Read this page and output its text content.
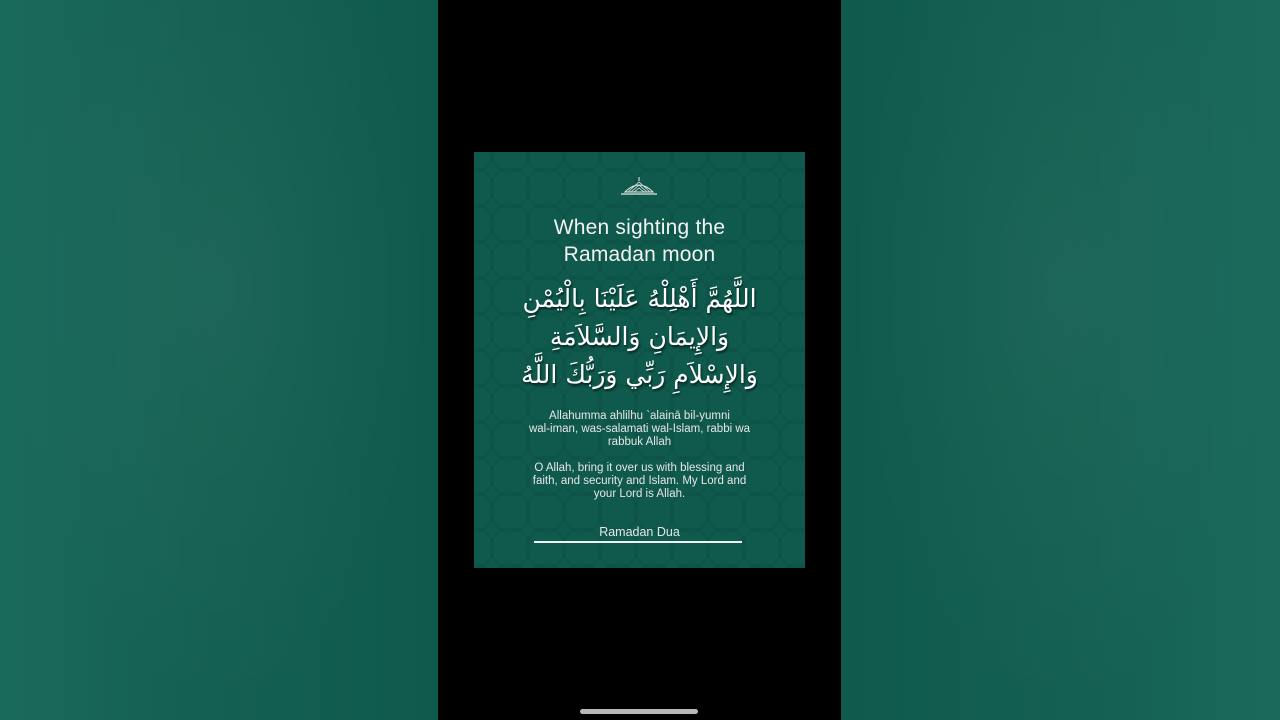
When sighting the
Ramadan moon
اللَّهُمَّ أَهْلِلْهُ عَلَيْنَا بِالْيُمْنِ
وَالإِيمَانِ وَالسَّلاَمَةِ
وَالإِسْلاَمِ رَبِّي وَرَبُّكَ اللَّهُ
Allahumma ahlilhu `alainā bil-yumni
wal-iman, was-salamati wal-Islam, rabbi wa
rabbuk Allah
O Allah, bring it over us with blessing and
faith, and security and Islam. My Lord and
your Lord is Allah.
Ramadan Dua
